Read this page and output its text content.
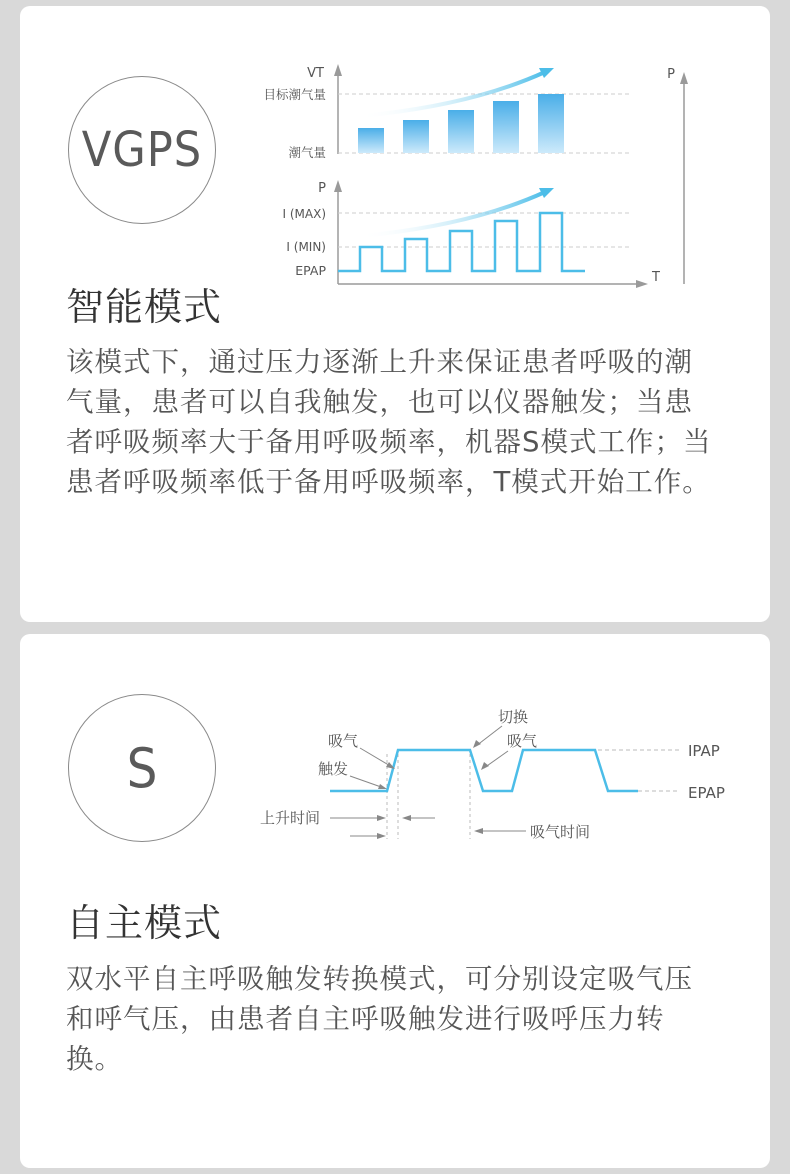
VGPS
VT
目标潮气量
潮气量
P
I (MAX)
I (MIN)
EPAP	T
P
智能模式
该模式下，通过压力逐渐上升来保证患者呼吸的潮气量，患者可以自我触发，也可以仪器触发；当患者呼吸频率大于备用呼吸频率，机器S模式工作；当患者呼吸频率低于备用呼吸频率，T模式开始工作。
S	IPAP
EPAP
吸气
触发
切换
吸气
上升时间
吸气时间
自主模式
双水平自主呼吸触发转换模式，可分别设定吸气压和呼气压，由患者自主呼吸触发进行吸呼压力转换。
